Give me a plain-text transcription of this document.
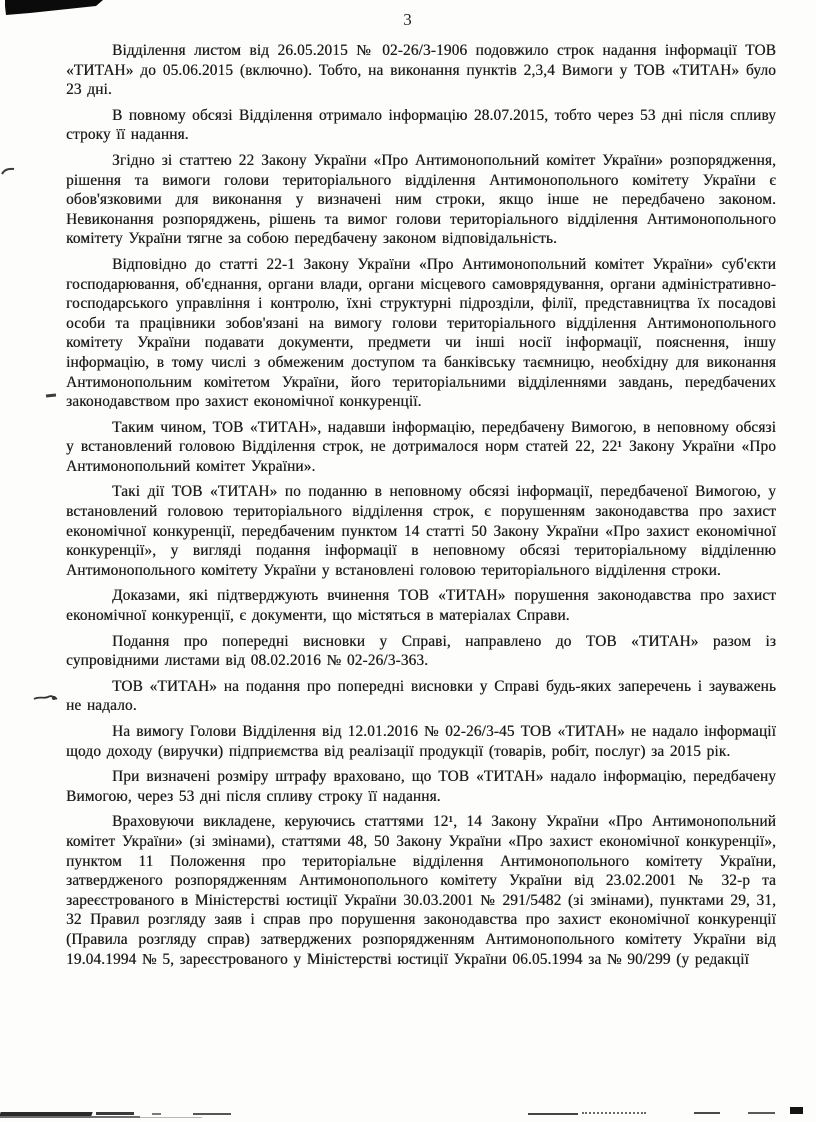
3

Відділення листом від 26.05.2015 № 02-26/3-1906 подовжило строк надання інформації ТОВ «ТИТАН» до 05.06.2015 (включно). Тобто, на виконання пунктів 2,3,4 Вимоги у ТОВ «ТИТАН» було 23 дні.

В повному обсязі Відділення отримало інформацію 28.07.2015, тобто через 53 дні після спливу строку її надання.

Згідно зі статтею 22 Закону України «Про Антимонопольний комітет України» розпорядження, рішення та вимоги голови територіального відділення Антимонопольного комітету України є обов'язковими для виконання у визначені ним строки, якщо інше не передбачено законом. Невиконання розпоряджень, рішень та вимог голови територіального відділення Антимонопольного комітету України тягне за собою передбачену законом відповідальність.

Відповідно до статті 22-1 Закону України «Про Антимонопольний комітет України» суб'єкти господарювання, об'єднання, органи влади, органи місцевого самоврядування, органи адміністративно-господарського управління і контролю, їхні структурні підрозділи, філії, представництва їх посадові особи та працівники зобов'язані на вимогу голови територіального відділення Антимонопольного комітету України подавати документи, предмети чи інші носії інформації, пояснення, іншу інформацію, в тому числі з обмеженим доступом та банківську таємницю, необхідну для виконання Антимонопольним комітетом України, його територіальними відділеннями завдань, передбачених законодавством про захист економічної конкуренції.

Таким чином, ТОВ «ТИТАН», надавши інформацію, передбачену Вимогою, в неповному обсязі у встановлений головою Відділення строк, не дотрималося норм статей 22, 22¹ Закону України «Про Антимонопольний комітет України».

Такі дії ТОВ «ТИТАН» по поданню в неповному обсязі інформації, передбаченої Вимогою, у встановлений головою територіального відділення строк, є порушенням законодавства про захист економічної конкуренції, передбаченим пунктом 14 статті 50 Закону України «Про захист економічної конкуренції», у вигляді подання інформації в неповному обсязі територіальному відділенню Антимонопольного комітету України у встановлені головою територіального відділення строки.

Доказами, які підтверджують вчинення ТОВ «ТИТАН» порушення законодавства про захист економічної конкуренції, є документи, що містяться в матеріалах Справи.

Подання про попередні висновки у Справі, направлено до ТОВ «ТИТАН» разом із супровідними листами від 08.02.2016 № 02-26/3-363.

ТОВ «ТИТАН» на подання про попередні висновки у Справі будь-яких заперечень і зауважень не надало.

На вимогу Голови Відділення від 12.01.2016 № 02-26/3-45 ТОВ «ТИТАН» не надало інформації щодо доходу (виручки) підприємства від реалізації продукції (товарів, робіт, послуг) за 2015 рік.

При визначені розміру штрафу враховано, що ТОВ «ТИТАН» надало інформацію, передбачену Вимогою, через 53 дні після спливу строку її надання.

Враховуючи викладене, керуючись статтями 12¹, 14 Закону України «Про Антимонопольний комітет України» (зі змінами), статтями 48, 50 Закону України «Про захист економічної конкуренції», пунктом 11 Положення про територіальне відділення Антимонопольного комітету України, затвердженого розпорядженням Антимонопольного комітету України від 23.02.2001 № 32-р та зареєстрованого в Міністерстві юстиції України 30.03.2001 № 291/5482 (зі змінами), пунктами 29, 31, 32 Правил розгляду заяв і справ про порушення законодавства про захист економічної конкуренції (Правила розгляду справ) затверджених розпорядженням Антимонопольного комітету України від 19.04.1994 № 5, зареєстрованого у Міністерстві юстиції України 06.05.1994 за № 90/299 (у редакції
